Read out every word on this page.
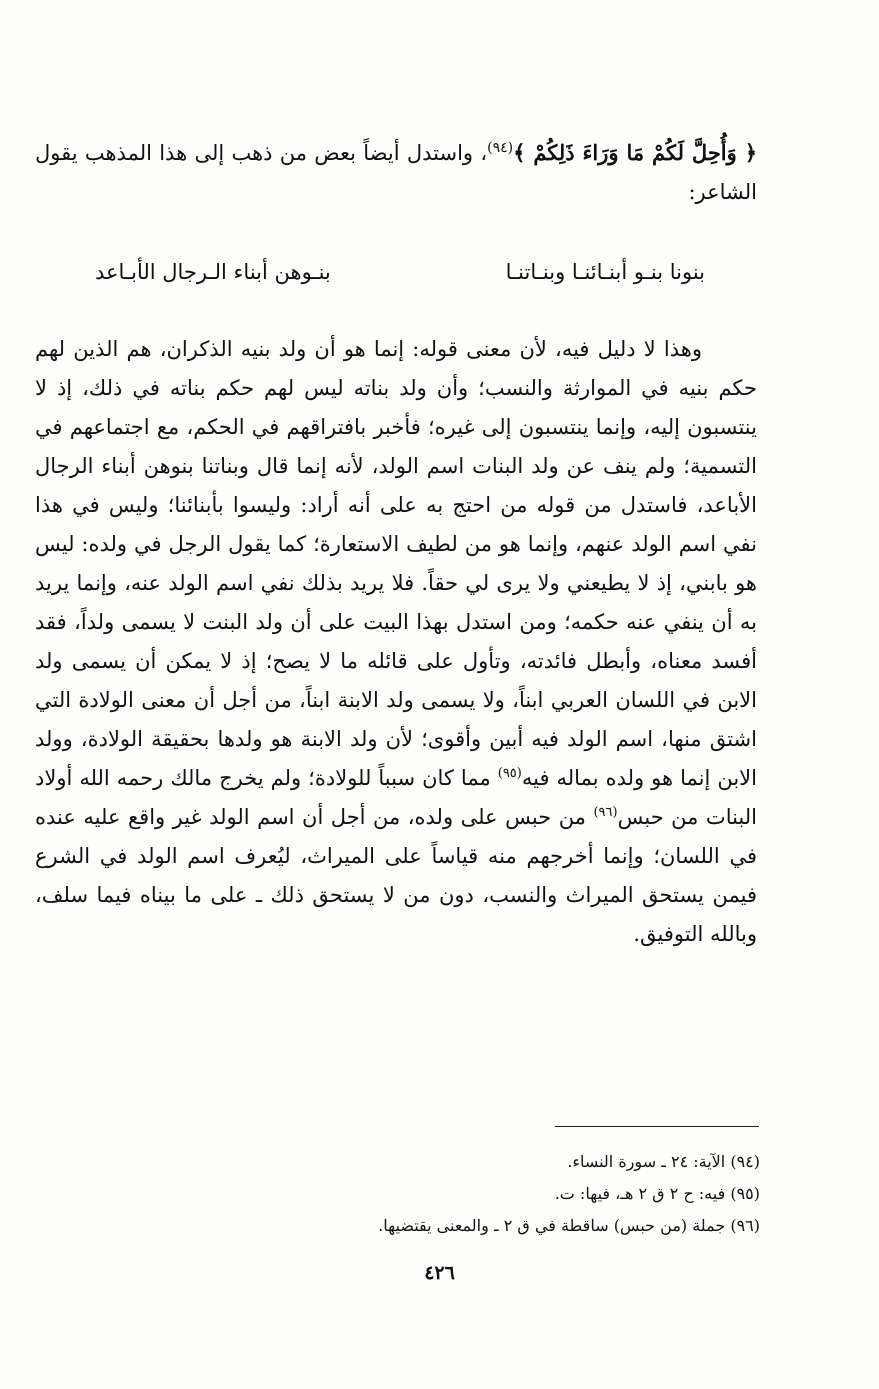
﴿ وَأُحِلَّ لَكُمْ مَا وَرَاءَ ذَلِكُمْ ﴾$^{(٩٤)}$، واستدل أيضاً بعض من ذهب إلى هذا المذهب يقول الشاعر:
بنونا بنـو أبنـائنـا وبنـاتنـا
بنـوهن أبناء الـرجال الأبـاعد
وهذا لا دليل فيه، لأن معنى قوله: إنما هو أن ولد بنيه الذكران، هم الذين لهم حكم بنيه في الموارثة والنسب؛ وأن ولد بناته ليس لهم حكم بناته في ذلك، إذ لا ينتسبون إليه، وإنما ينتسبون إلى غيره؛ فأخبر بافتراقهم في الحكم، مع اجتماعهم في التسمية؛ ولم ينف عن ولد البنات اسم الولد، لأنه إنما قال وبناتنا بنوهن أبناء الرجال الأباعد، فاستدل من قوله من احتج به على أنه أراد: وليسوا بأبنائنا؛ وليس في هذا نفي اسم الولد عنهم، وإنما هو من لطيف الاستعارة؛ كما يقول الرجل في ولده: ليس هو بابني، إذ لا يطيعني ولا يرى لي حقاً. فلا يريد بذلك نفي اسم الولد عنه، وإنما يريد به أن ينفي عنه حكمه؛ ومن استدل بهذا البيت على أن ولد البنت لا يسمى ولداً، فقد أفسد معناه، وأبطل فائدته، وتأول على قائله ما لا يصح؛ إذ لا يمكن أن يسمى ولد الابن في اللسان العربي ابناً، ولا يسمى ولد الابنة ابناً، من أجل أن معنى الولادة التي اشتق منها، اسم الولد فيه أبين وأقوى؛ لأن ولد الابنة هو ولدها بحقيقة الولادة، وولد الابن إنما هو ولده بماله فيه$^{(٩٥)}$ مما كان سبباً للولادة؛ ولم يخرج مالك رحمه الله أولاد البنات من حبس$^{(٩٦)}$ من حبس على ولده، من أجل أن اسم الولد غير واقع عليه عنده في اللسان؛ وإنما أخرجهم منه قياساً على الميراث، ليُعرف اسم الولد في الشرع فيمن يستحق الميراث والنسب، دون من لا يستحق ذلك ـ على ما بيناه فيما سلف، وبالله التوفيق.
(٩٤) الآية: ٢٤ ـ سورة النساء.
(٩٥) فيه: ح ٢ ق ٢ هـ، فيها: ت.
(٩٦) جملة (من حبس) ساقطة في ق ٢ ـ والمعنى يقتضيها.
٤٢٦
